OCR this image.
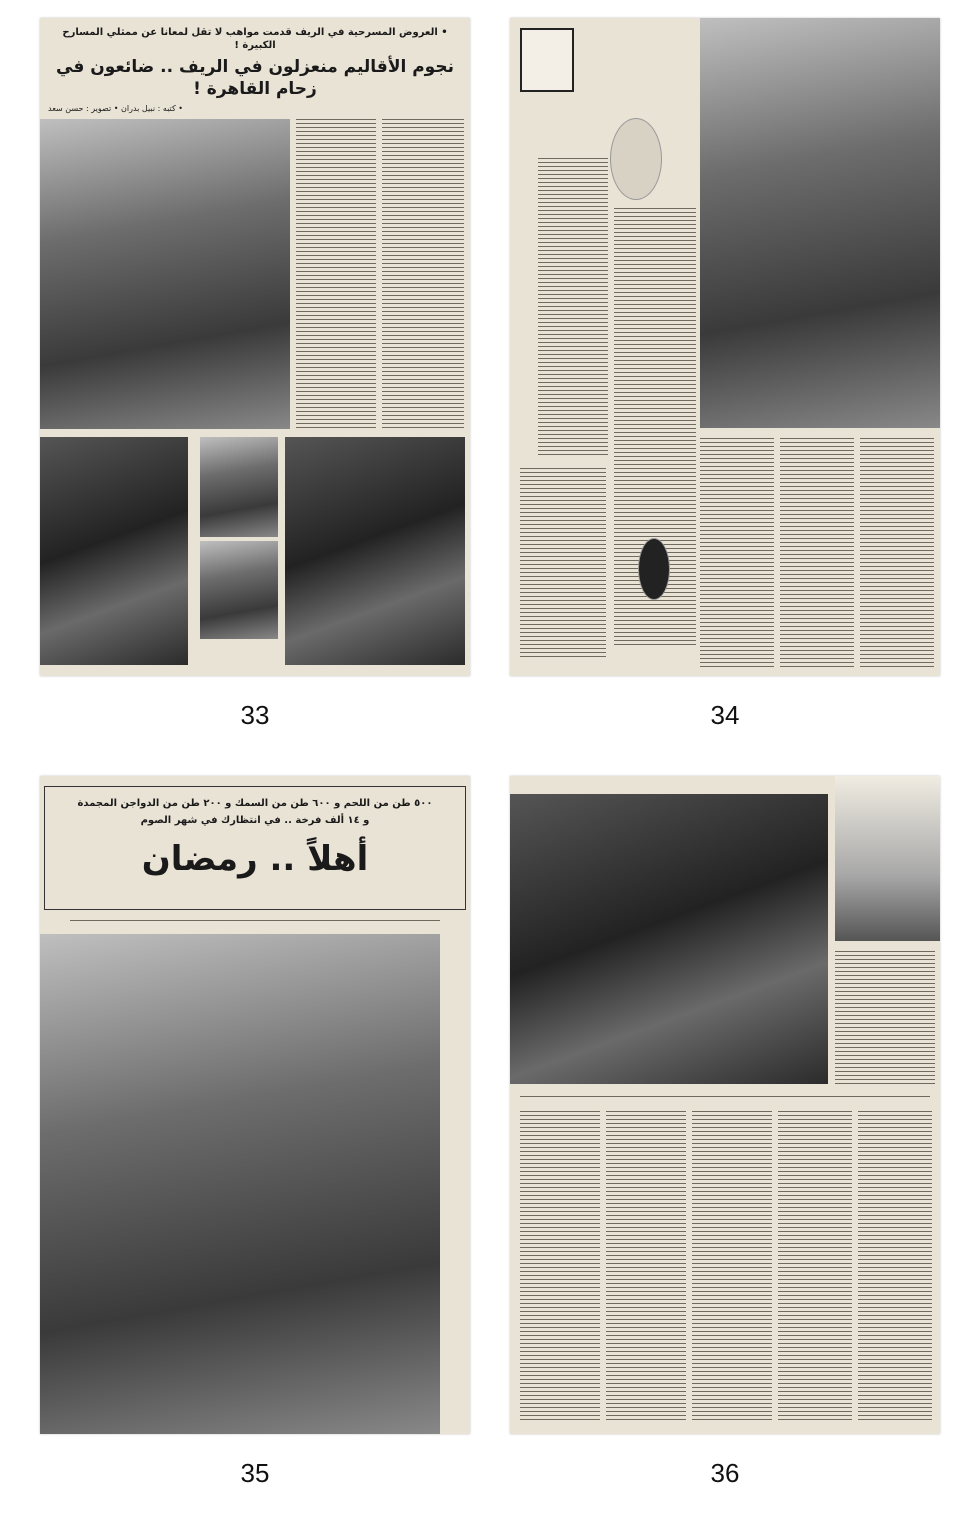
• العروض المسرحية في الريف قدمت مواهب لا تقل لمعانا عن ممثلي المسارح الكبيرة !
نجوم الأقاليم منعزلون في الريف .. ضائعون في زحام القاهرة !
• كتبه : نبيل بدران • تصوير : حسن سعد
33	34
٥٠٠ طن من اللحم و ٦٠٠ طن من السمك و ٢٠٠ طن من الدواجن المجمدة
و ١٤ ألف فرخة .. في انتظارك في شهر الصوم
أهلاً .. رمضان
35	36
